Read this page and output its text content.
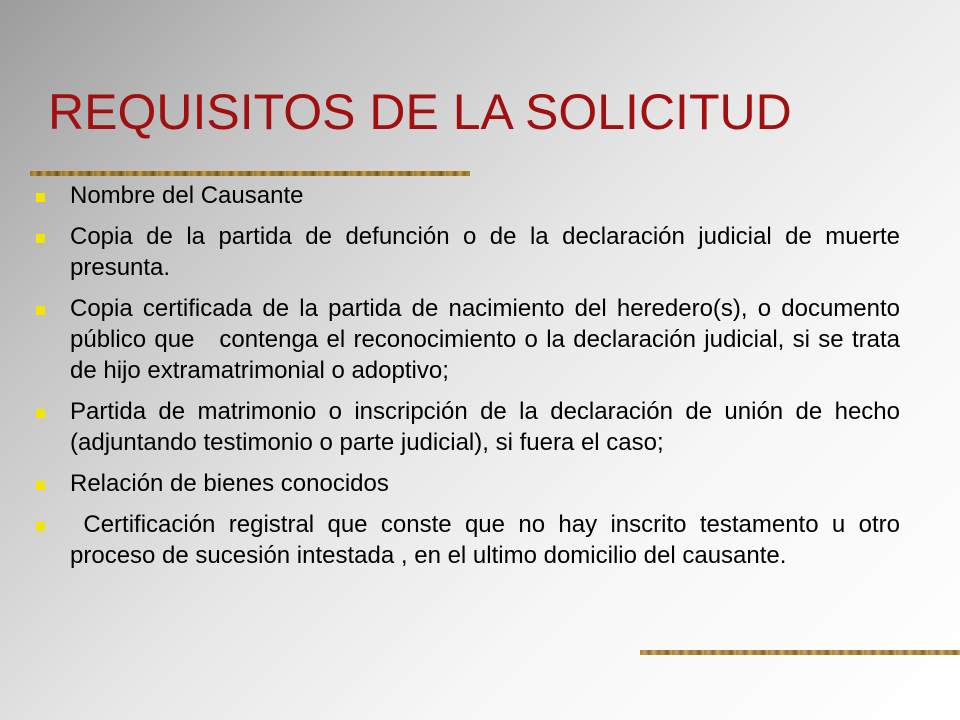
REQUISITOS DE LA SOLICITUD
Nombre del Causante
Copia de la partida de defunción o de la declaración judicial de muerte presunta.
Copia certificada de la partida de nacimiento del heredero(s), o documento público que   contenga el reconocimiento o la declaración judicial, si se trata de hijo extramatrimonial o adoptivo;
Partida de matrimonio o inscripción de la declaración de unión de hecho (adjuntando testimonio o parte judicial), si fuera el caso;
Relación de bienes conocidos
Certificación registral que conste que no hay inscrito testamento u otro proceso de sucesión intestada , en el ultimo domicilio del causante.
